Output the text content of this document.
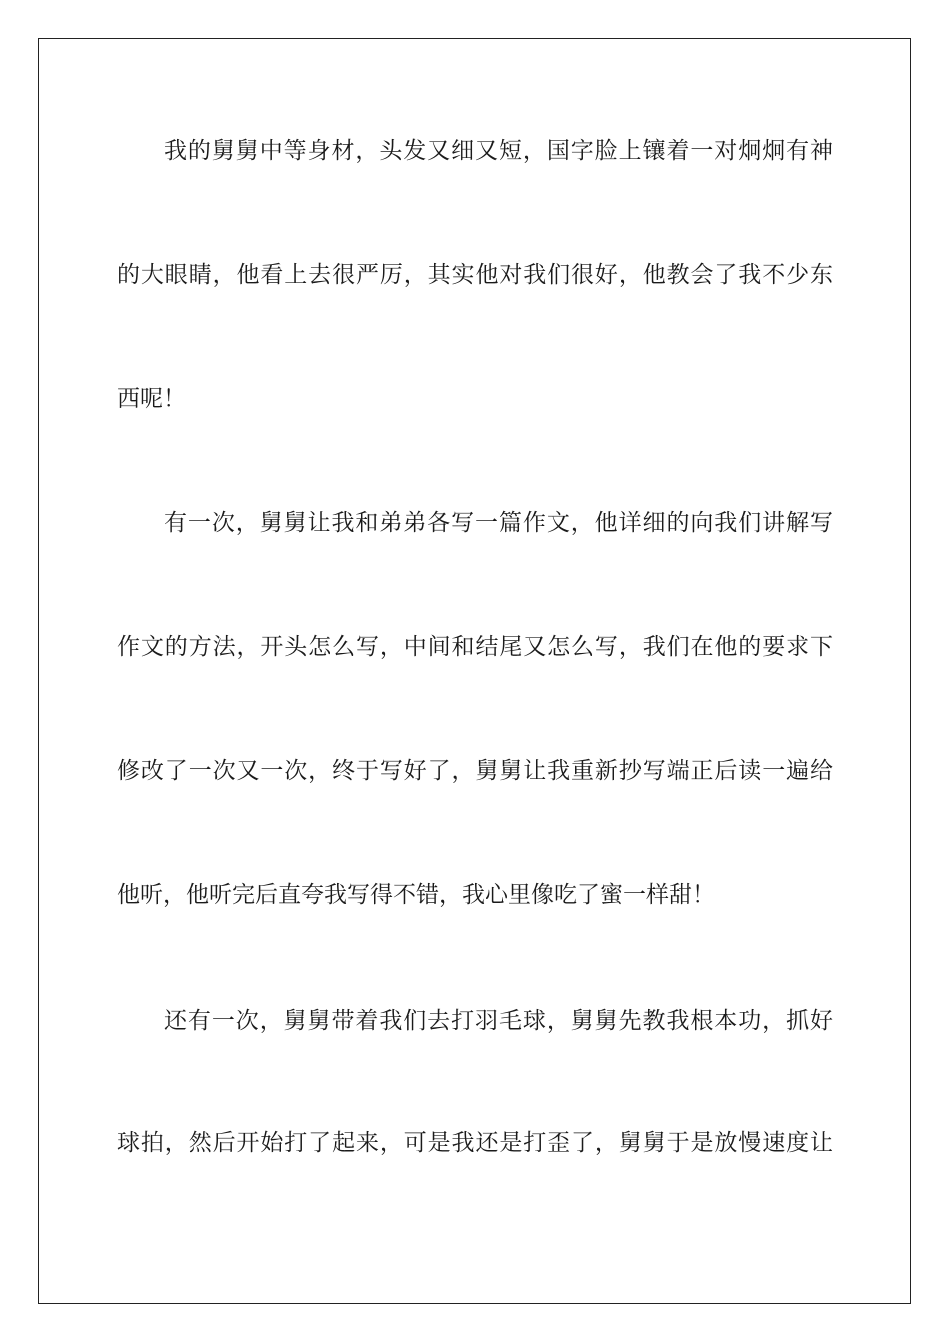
我的舅舅中等身材，头发又细又短，国字脸上镶着一对炯炯有神
的大眼睛，他看上去很严厉，其实他对我们很好，他教会了我不少东
西呢！
有一次，舅舅让我和弟弟各写一篇作文，他详细的向我们讲解写
作文的方法，开头怎么写，中间和结尾又怎么写，我们在他的要求下
修改了一次又一次，终于写好了，舅舅让我重新抄写端正后读一遍给
他听，他听完后直夸我写得不错，我心里像吃了蜜一样甜！
还有一次，舅舅带着我们去打羽毛球，舅舅先教我根本功，抓好
球拍，然后开始打了起来，可是我还是打歪了，舅舅于是放慢速度让
